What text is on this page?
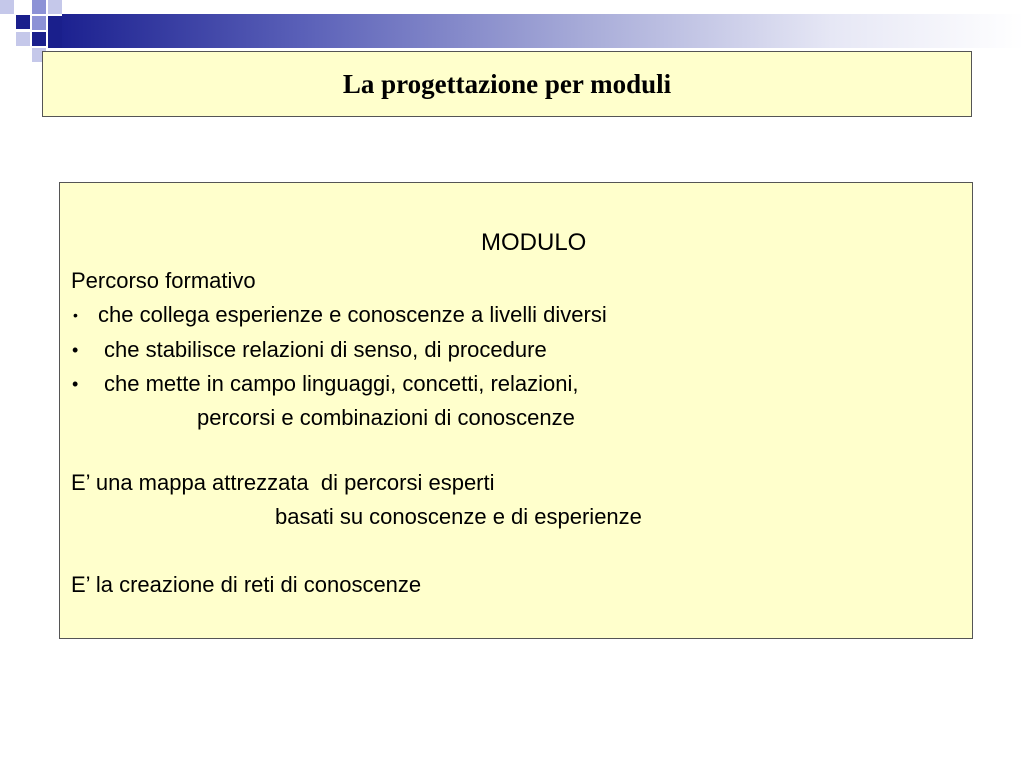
La progettazione per moduli
MODULO
Percorso formativo
• che collega esperienze e conoscenze a livelli diversi
• che stabilisce relazioni di senso, di procedure
• che mette in campo linguaggi, concetti, relazioni,
percorsi e combinazioni di conoscenze
E’ una mappa attrezzata  di percorsi esperti
basati su conoscenze e di esperienze
E’ la creazione di reti di conoscenze
